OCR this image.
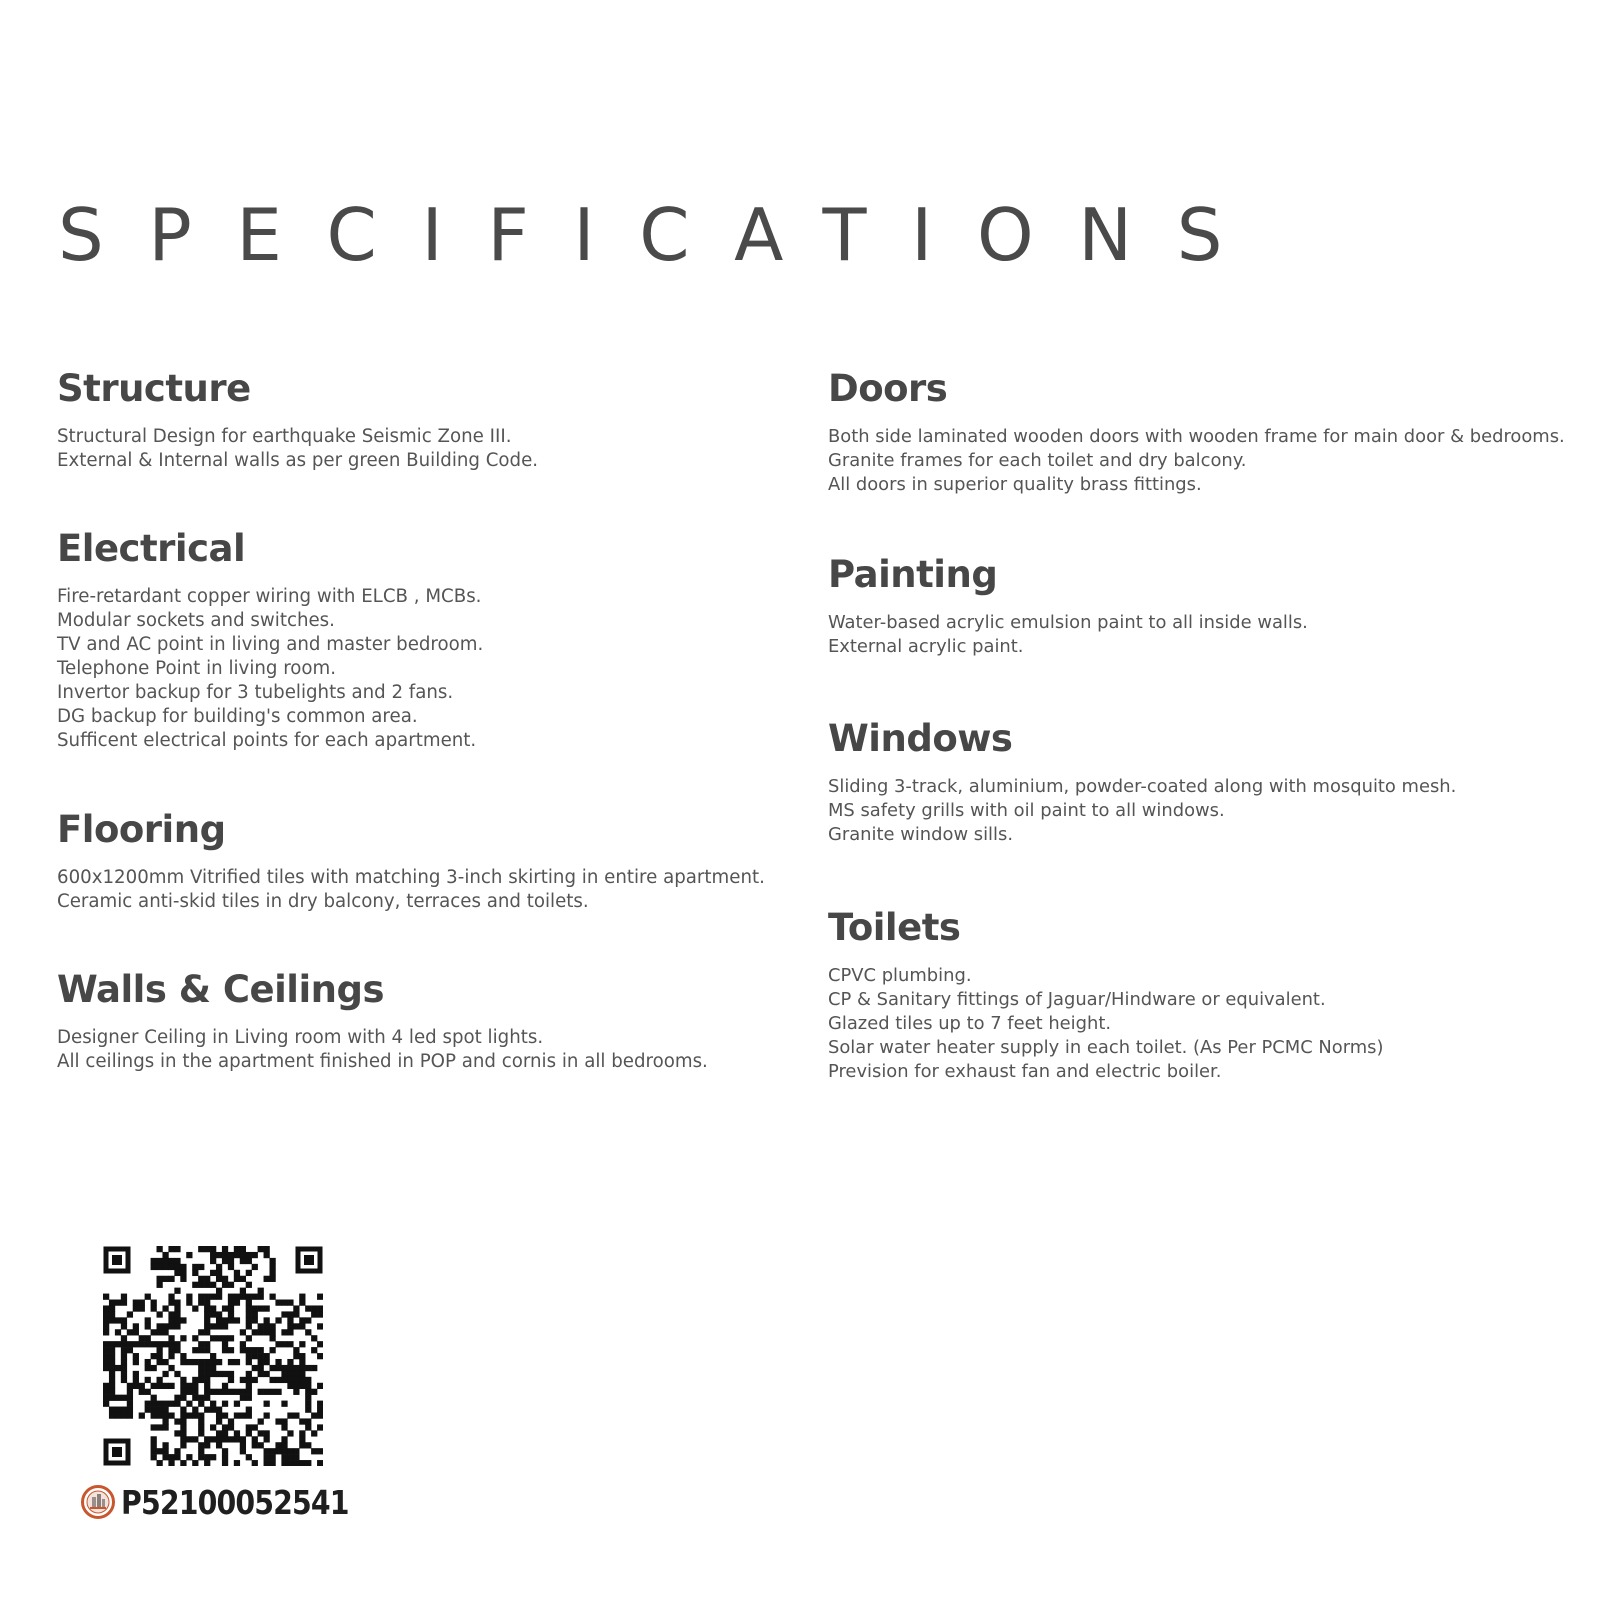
SPECIFICATIONS
Structure
Structural Design for earthquake Seismic Zone III.
External & Internal walls as per green Building Code.
Electrical
Fire-retardant copper wiring with ELCB , MCBs.
Modular sockets and switches.
TV and AC point in living and master bedroom.
Telephone Point in living room.
Invertor backup for 3 tubelights and 2 fans.
DG backup for building's common area.
Sufficent electrical points for each apartment.
Flooring
600x1200mm Vitrified tiles with matching 3-inch skirting in entire apartment.
Ceramic anti-skid tiles in dry balcony, terraces and toilets.
Walls & Ceilings
Designer Ceiling in Living room with 4 led spot lights.
All ceilings in the apartment finished in POP and cornis in all bedrooms.
Doors
Both side laminated wooden doors with wooden frame for main door & bedrooms.
Granite frames for each toilet and dry balcony.
All doors in superior quality brass fittings.
Painting
Water-based acrylic emulsion paint to all inside walls.
External acrylic paint.
Windows
Sliding 3-track, aluminium, powder-coated along with mosquito mesh.
MS safety grills with oil paint to all windows.
Granite window sills.
Toilets
CPVC plumbing.
CP & Sanitary fittings of Jaguar/Hindware or equivalent.
Glazed tiles up to 7 feet height.
Solar water heater supply in each toilet. (As Per PCMC Norms)
Prevision for exhaust fan and electric boiler.
P52100052541
